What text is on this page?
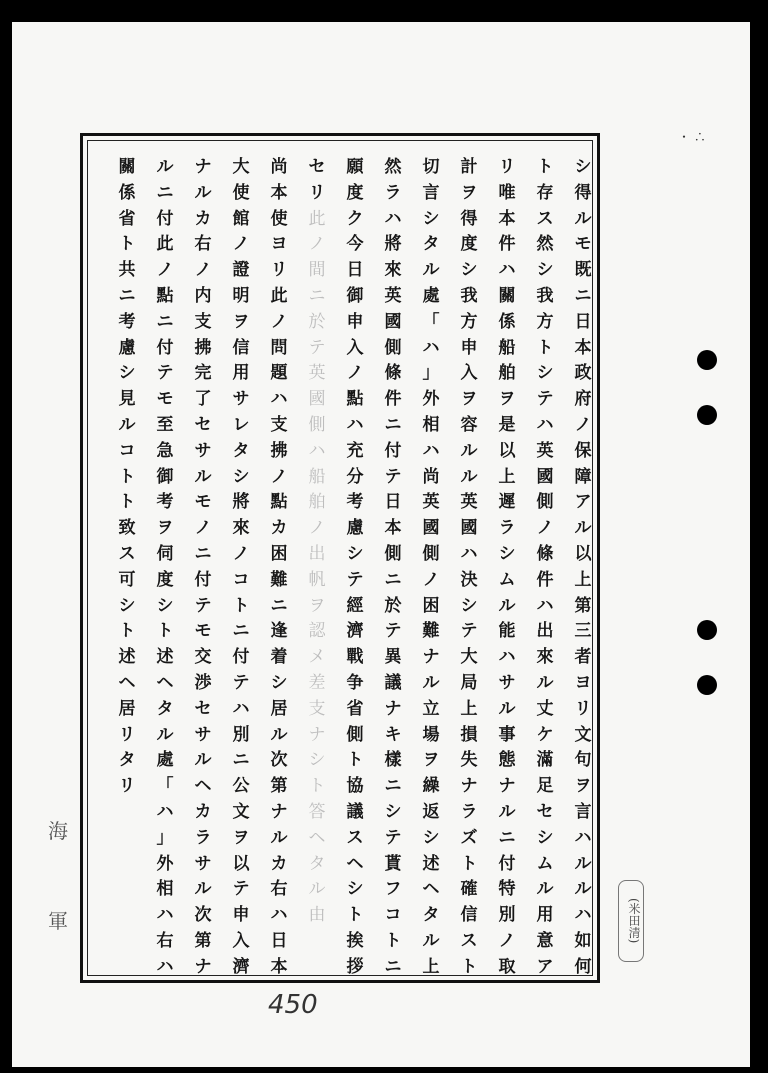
シ
得
ル
モ
既
ニ
日
本
政
府
ノ
保
障
ア
ル
以
上
第
三
者
ヨ
リ
文
句
ヲ
言
ハ
ル
ル
ハ
如
何
ト
存
ス
然
シ
我
方
ト
シ
テ
ハ
英
國
側
ノ
條
件
ハ
出
來
ル
丈
ケ
滿
足
セ
シ
ム
ル
用
意
ア
リ
唯
本
件
ハ
關
係
船
舶
ヲ
是
以
上
遲
ラ
シ
ム
ル
能
ハ
サ
ル
事
態
ナ
ル
ニ
付
特
別
ノ
取
計
ヲ
得
度
シ
我
方
申
入
ヲ
容
ル
ル
英
國
ハ
決
シ
テ
大
局
上
損
失
ナ
ラ
ズ
ト
確
信
ス
ト
切
言
シ
タ
ル
處
「
ハ
」
外
相
ハ
尚
英
國
側
ノ
困
難
ナ
ル
立
場
ヲ
繰
返
シ
述
ヘ
タ
ル
上
然
ラ
ハ
將
來
英
國
側
條
件
ニ
付
テ
日
本
側
ニ
於
テ
異
議
ナ
キ
樣
ニ
シ
テ
貰
フ
コ
ト
ニ
願
度
ク
今
日
御
申
入
ノ
點
ハ
充
分
考
慮
シ
テ
經
濟
戰
争
省
側
ト
協
議
ス
ヘ
シ
ト
挨
拶
セ
リ
尚
本
使
ヨ
リ
此
ノ
問
題
ハ
支
拂
ノ
點
カ
困
難
ニ
逢
着
シ
居
ル
次
第
ナ
ル
カ
右
ハ
日
本
大
使
館
ノ
證
明
ヲ
信
用
サ
レ
タ
シ
將
來
ノ
コ
ト
ニ
付
テ
ハ
別
ニ
公
文
ヲ
以
テ
申
入
濟
ナ
ル
カ
右
ノ
内
支
拂
完
了
セ
サ
ル
モ
ノ
ニ
付
テ
モ
交
渉
セ
サ
ル
ヘ
カ
ラ
サ
ル
次
第
ナ
ル
ニ
付
此
ノ
點
ニ
付
テ
モ
至
急
御
考
ヲ
伺
度
シ
ト
述
ヘ
タ
ル
處
「
ハ
」
外
相
ハ
右
ハ
關
係
省
ト
共
ニ
考
慮
シ
見
ル
コ
ト
ト
致
ス
可
シ
ト
述
ヘ
居
リ
タ
リ
此
ノ
間
ニ
於
テ
英
國
側
ハ
船
舶
ノ
出
帆
ヲ
認
メ
差
支
ナ
シ
ト
答
ヘ
タ
ル
由
海
軍
・ ∴
(米田清)
450
